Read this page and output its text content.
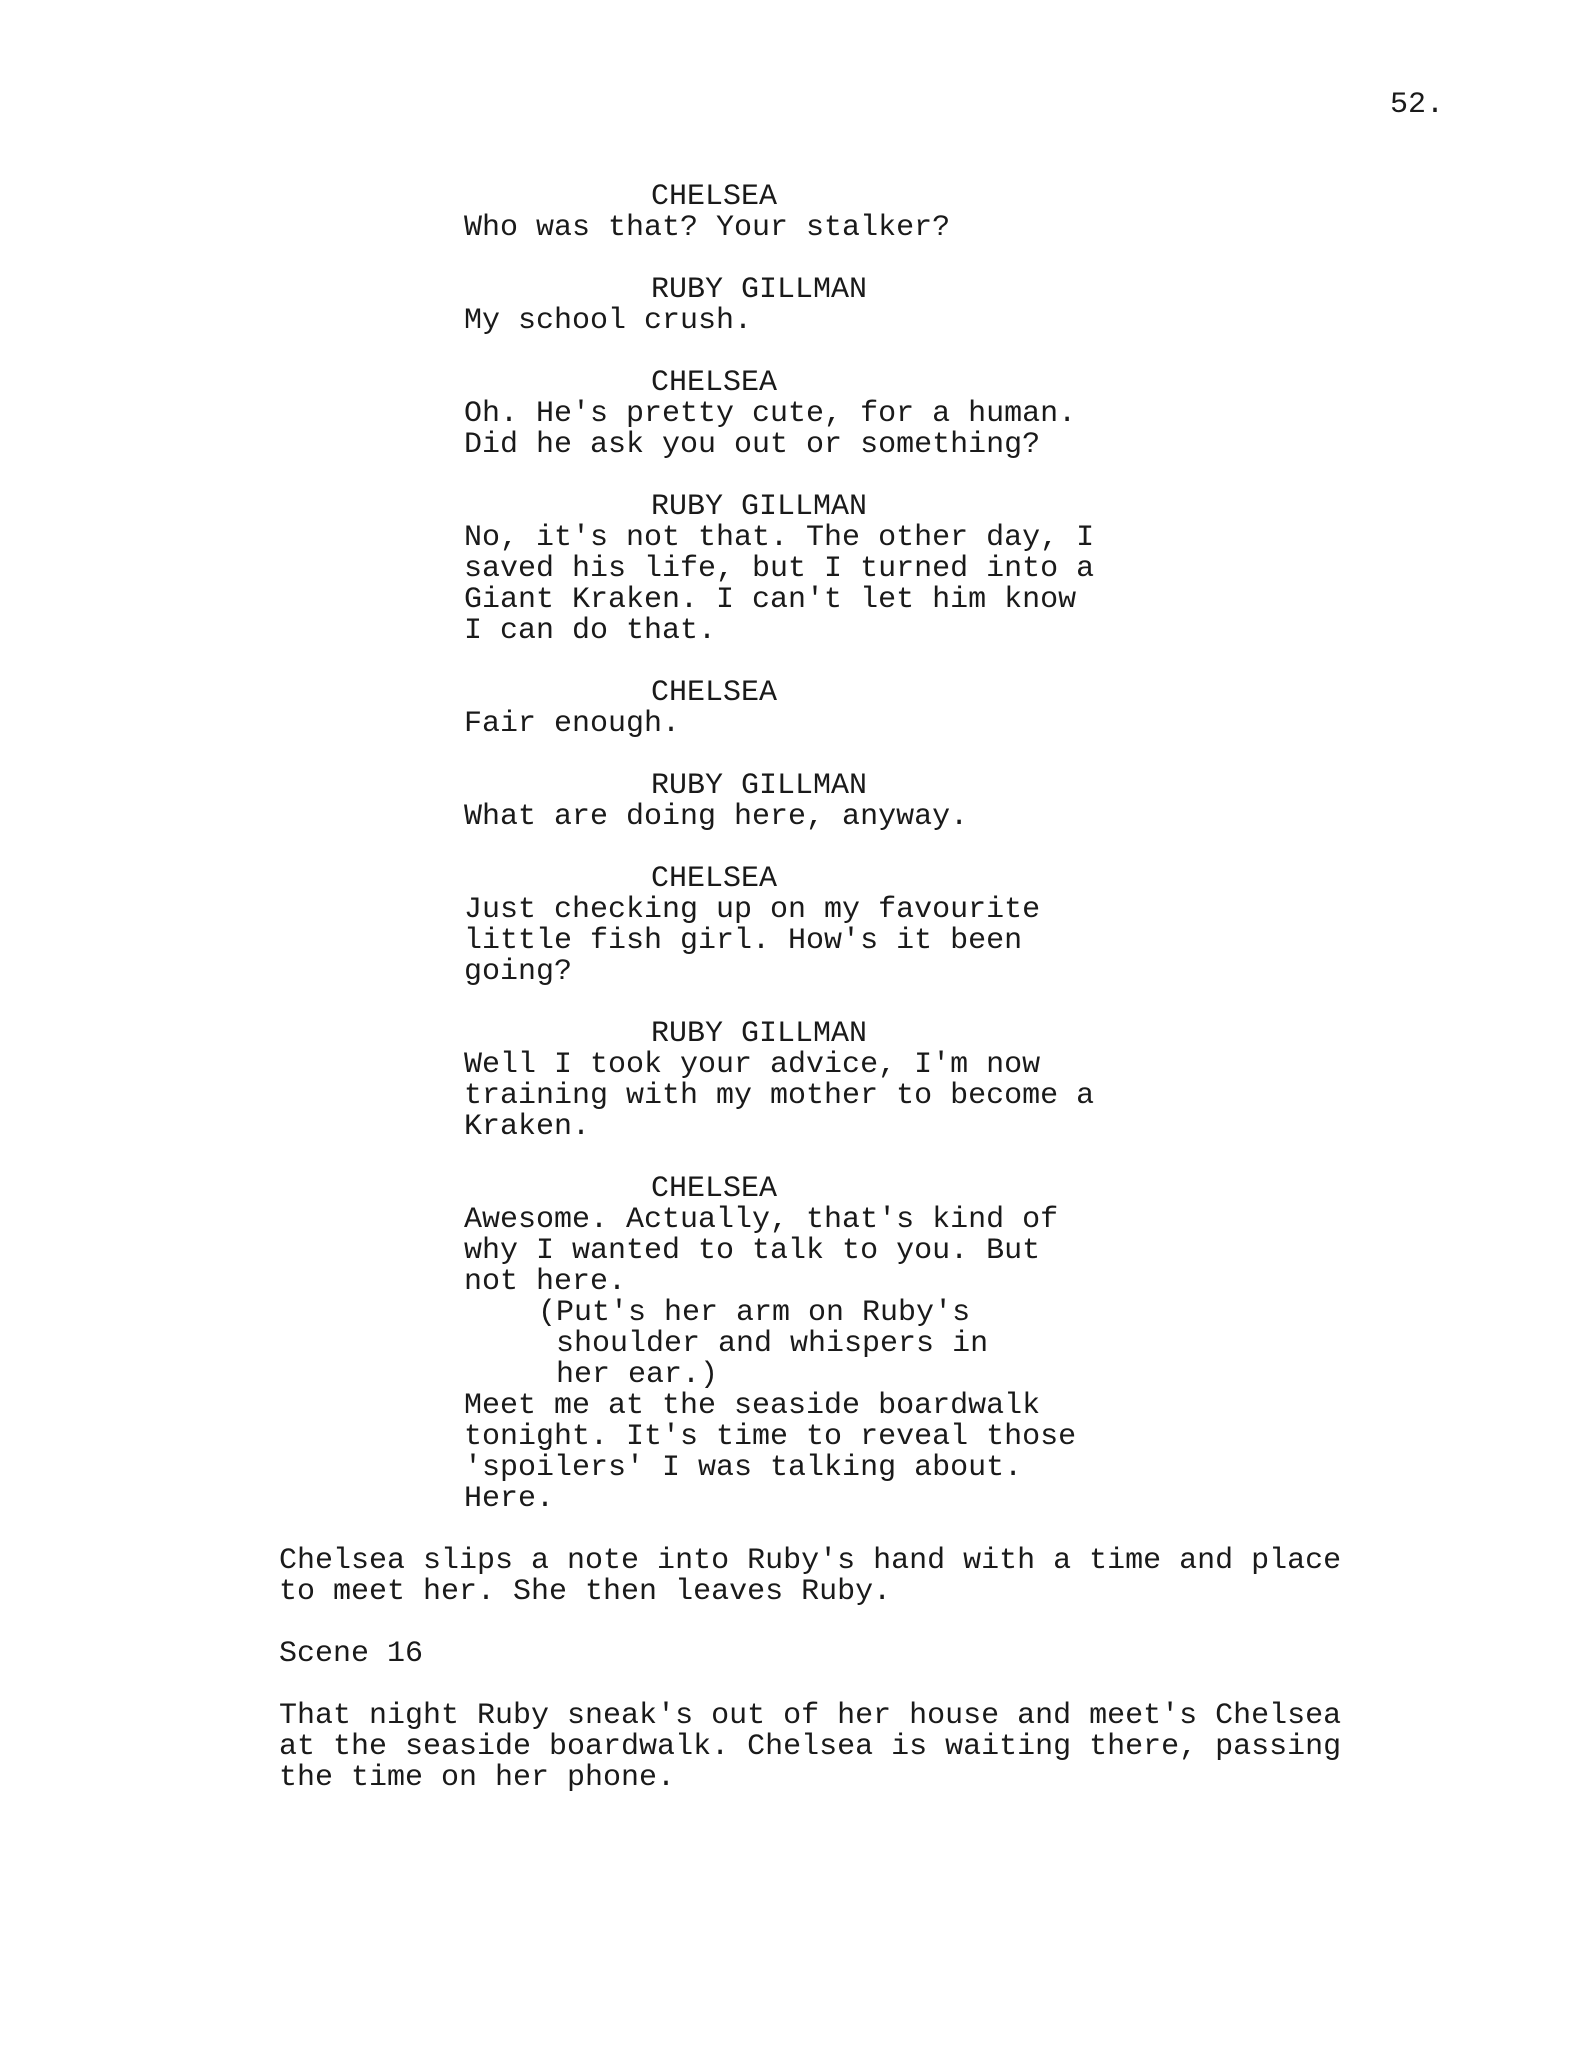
52.
CHELSEA
Who was that? Your stalker?
RUBY GILLMAN
My school crush.
CHELSEA
Oh. He's pretty cute, for a human.
Did he ask you out or something?
RUBY GILLMAN
No, it's not that. The other day, I
saved his life, but I turned into a
Giant Kraken. I can't let him know
I can do that.
CHELSEA
Fair enough.
RUBY GILLMAN
What are doing here, anyway.
CHELSEA
Just checking up on my favourite
little fish girl. How's it been
going?
RUBY GILLMAN
Well I took your advice, I'm now
training with my mother to become a
Kraken.
CHELSEA
Awesome. Actually, that's kind of
why I wanted to talk to you. But
not here.
(Put's her arm on Ruby's
shoulder and whispers in
her ear.)
Meet me at the seaside boardwalk
tonight. It's time to reveal those
'spoilers' I was talking about.
Here.
Chelsea slips a note into Ruby's hand with a time and place
to meet her. She then leaves Ruby.
Scene 16
That night Ruby sneak's out of her house and meet's Chelsea
at the seaside boardwalk. Chelsea is waiting there, passing
the time on her phone.
